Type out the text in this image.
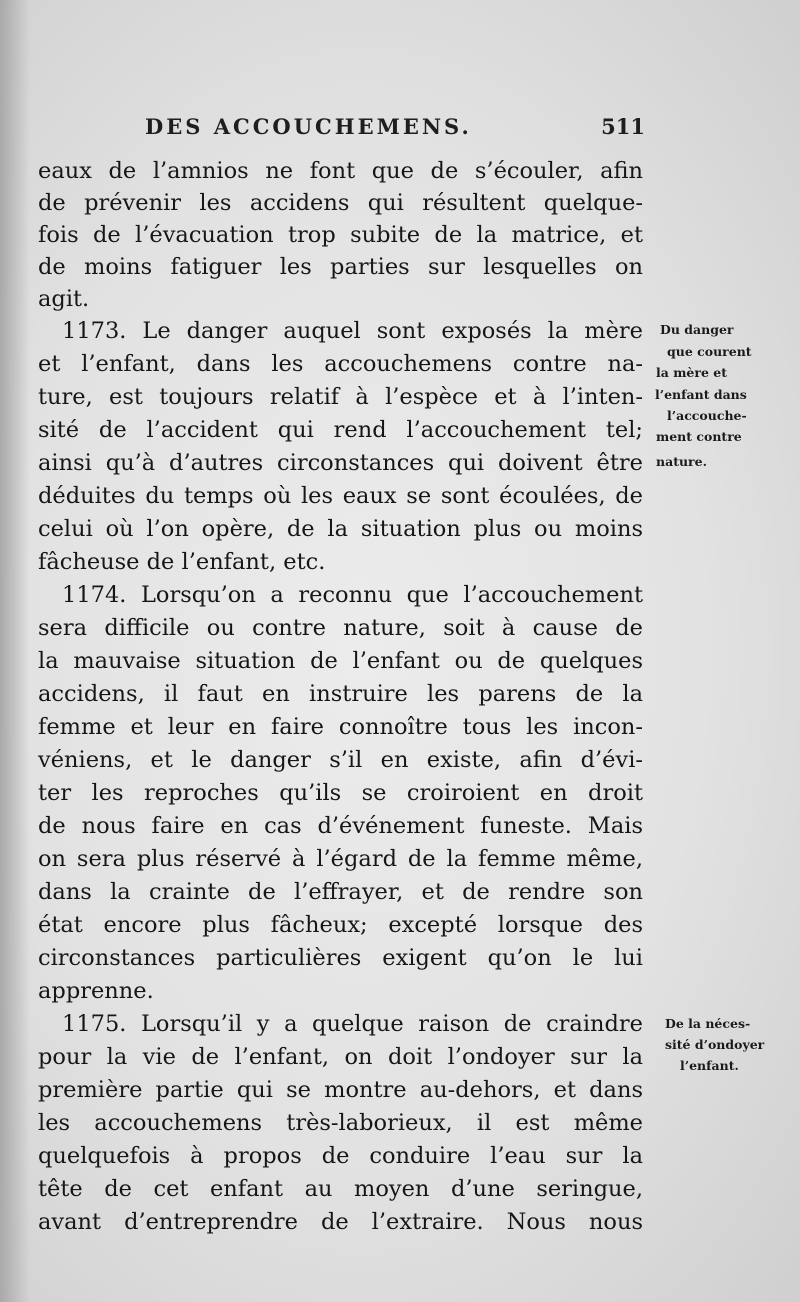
DES ACCOUCHEMENS.	511
eaux de l’amnios ne font que de s’écouler, afin
de prévenir les accidens qui résultent quelque-
fois de l’évacuation trop subite de la matrice, et
de moins fatiguer les parties sur lesquelles on
agit.
1173. Le danger auquel sont exposés la mère
et l’enfant, dans les accouchemens contre na-
ture, est toujours relatif à l’espèce et à l’inten-
sité de l’accident qui rend l’accouchement tel;
ainsi qu’à d’autres circonstances qui doivent être
déduites du temps où les eaux se sont écoulées, de
celui où l’on opère, de la situation plus ou moins
fâcheuse de l’enfant, etc.
1174. Lorsqu’on a reconnu que l’accouchement
sera difficile ou contre nature, soit à cause de
la mauvaise situation de l’enfant ou de quelques
accidens, il faut en instruire les parens de la
femme et leur en faire connoître tous les incon-
véniens, et le danger s’il en existe, afin d’évi-
ter les reproches qu’ils se croiroient en droit
de nous faire en cas d’événement funeste. Mais
on sera plus réservé à l’égard de la femme même,
dans la crainte de l’effrayer, et de rendre son
état encore plus fâcheux; excepté lorsque des
circonstances particulières exigent qu’on le lui
apprenne.
1175. Lorsqu’il y a quelque raison de craindre
pour la vie de l’enfant, on doit l’ondoyer sur la
première partie qui se montre au-dehors, et dans
les accouchemens très-laborieux, il est même
quelquefois à propos de conduire l’eau sur la
tête de cet enfant au moyen d’une seringue,
avant d’entreprendre de l’extraire. Nous nous
Du danger
que courent
la mère et
l’enfant dans
l’accouche-
ment contre
nature.
De la néces-
sité d’ondoyer
l’enfant.
